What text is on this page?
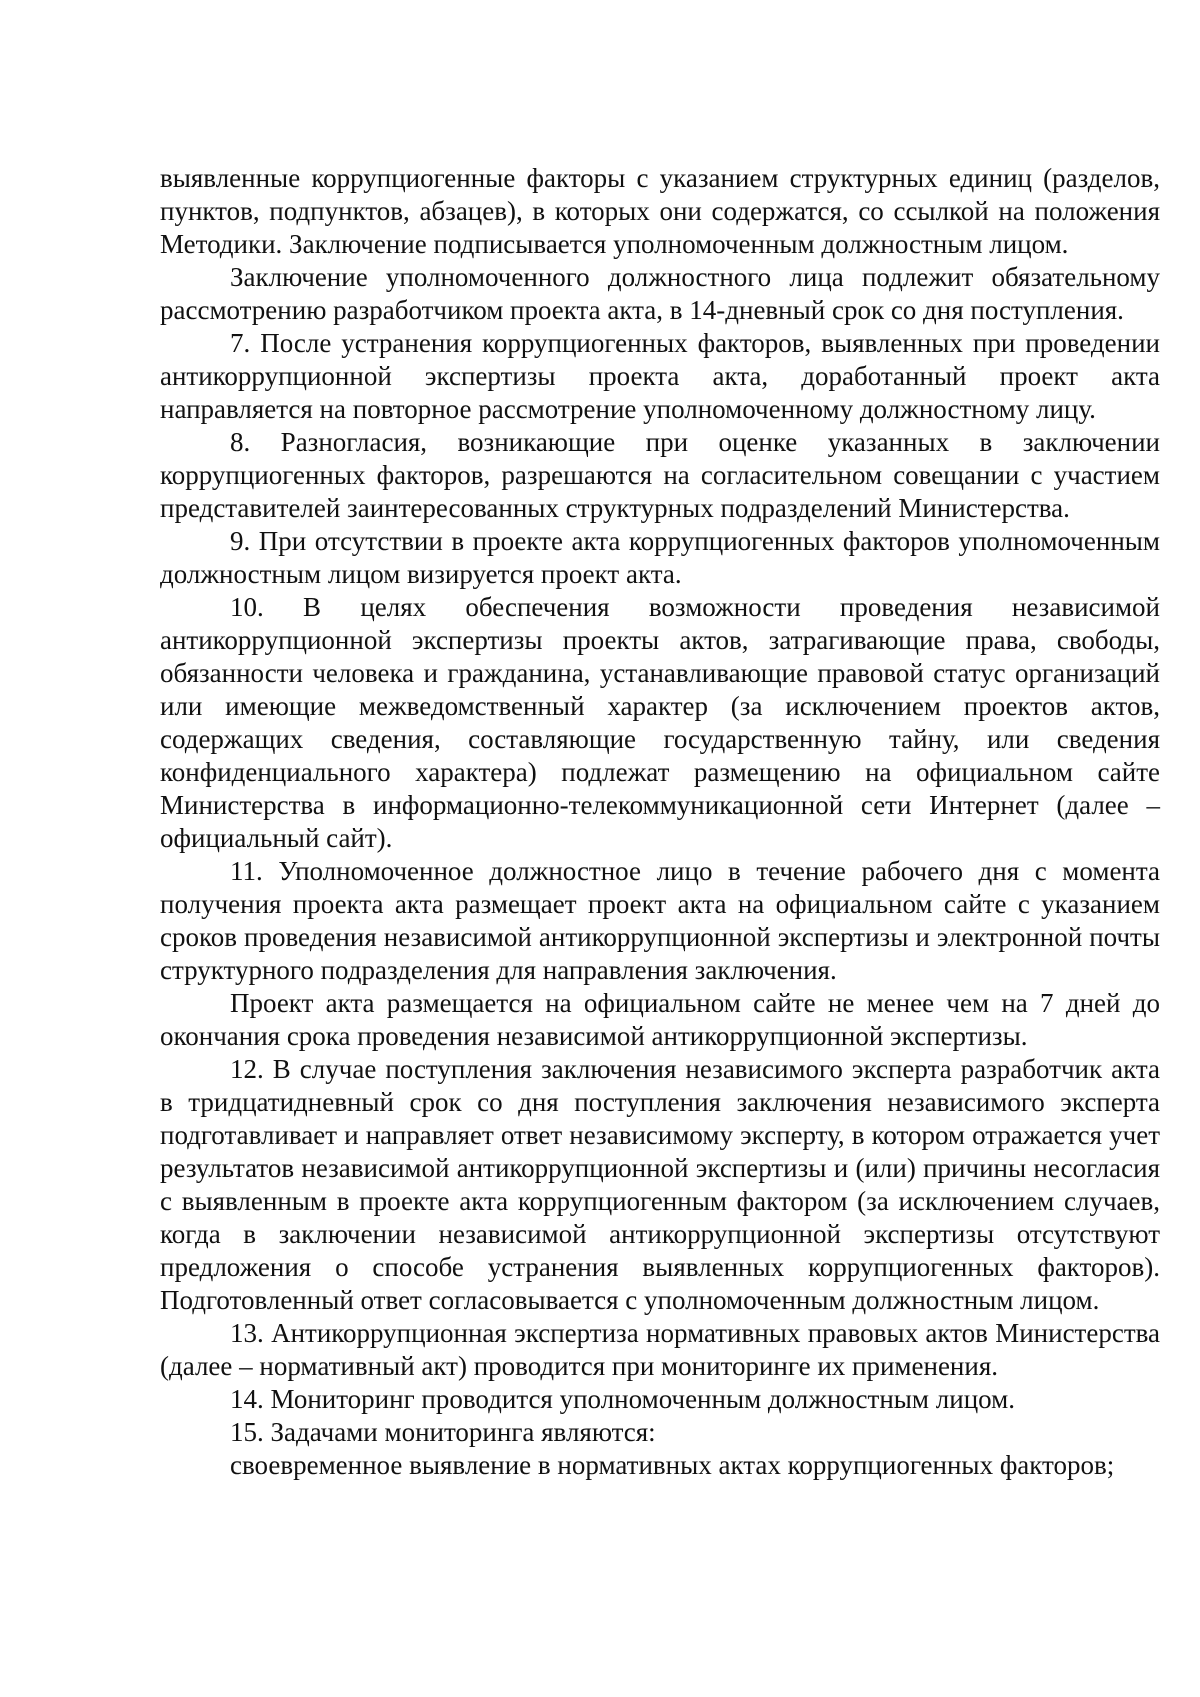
выявленные коррупциогенные факторы с указанием структурных единиц (разделов, пунктов, подпунктов, абзацев), в которых они содержатся, со ссылкой на положения Методики. Заключение подписывается уполномоченным должностным лицом.

Заключение уполномоченного должностного лица подлежит обязательному рассмотрению разработчиком проекта акта, в 14-дневный срок со дня поступления.

7. После устранения коррупциогенных факторов, выявленных при проведении антикоррупционной экспертизы проекта акта, доработанный проект акта направляется на повторное рассмотрение уполномоченному должностному лицу.

8. Разногласия, возникающие при оценке указанных в заключении коррупциогенных факторов, разрешаются на согласительном совещании с участием представителей заинтересованных структурных подразделений Министерства.

9. При отсутствии в проекте акта коррупциогенных факторов уполномоченным должностным лицом визируется проект акта.

10. В целях обеспечения возможности проведения независимой антикоррупционной экспертизы проекты актов, затрагивающие права, свободы, обязанности человека и гражданина, устанавливающие правовой статус организаций или имеющие межведомственный характер (за исключением проектов актов, содержащих сведения, составляющие государственную тайну, или сведения конфиденциального характера) подлежат размещению на официальном сайте Министерства в информационно-телекоммуникационной сети Интернет (далее – официальный сайт).

11. Уполномоченное должностное лицо в течение рабочего дня с момента получения проекта акта размещает проект акта на официальном сайте с указанием сроков проведения независимой антикоррупционной экспертизы и электронной почты структурного подразделения для направления заключения.

Проект акта размещается на официальном сайте не менее чем на 7 дней до окончания срока проведения независимой антикоррупционной экспертизы.

12. В случае поступления заключения независимого эксперта разработчик акта в тридцатидневный срок со дня поступления заключения независимого эксперта подготавливает и направляет ответ независимому эксперту, в котором отражается учет результатов независимой антикоррупционной экспертизы и (или) причины несогласия с выявленным в проекте акта коррупциогенным фактором (за исключением случаев, когда в заключении независимой антикоррупционной экспертизы отсутствуют предложения о способе устранения выявленных коррупциогенных факторов). Подготовленный ответ согласовывается с уполномоченным должностным лицом.

13. Антикоррупционная экспертиза нормативных правовых актов Министерства (далее – нормативный акт) проводится при мониторинге их применения.

14. Мониторинг проводится уполномоченным должностным лицом.

15. Задачами мониторинга являются:

своевременное выявление в нормативных актах коррупциогенных факторов;
